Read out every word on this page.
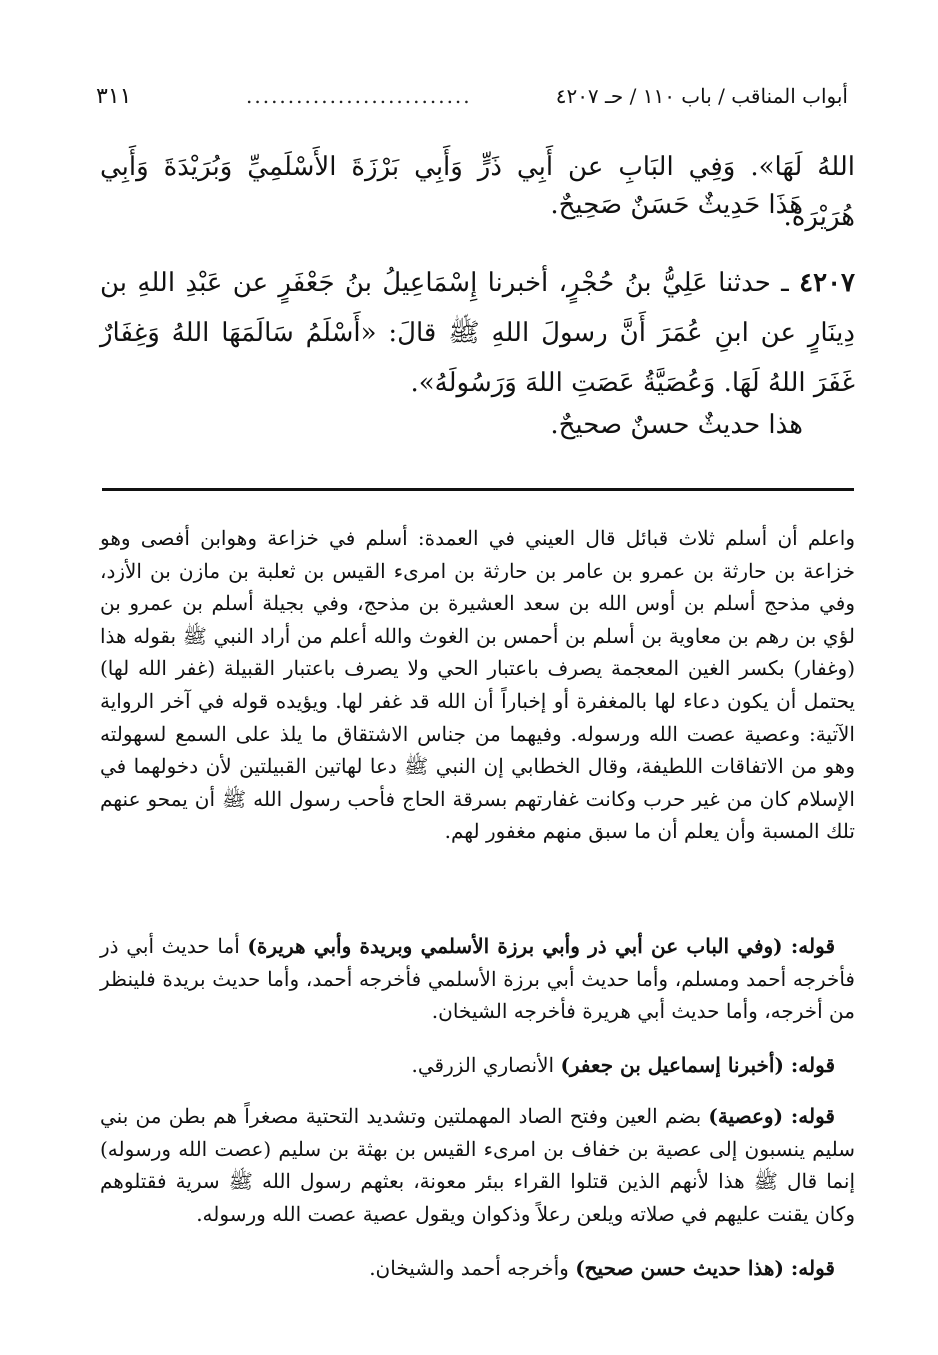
٣١١	...........................	أبواب المناقب / باب ١١٠ / حـ ٤٢٠٧

اللهُ لَهَا». وَفِي البَابِ عن أَبِي ذَرٍّ وَأَبِي بَرْزَةَ الأَسْلَمِيِّ وَبُرَيْدَةَ وَأَبِي هُرَيْرَةَ.

هَذَا حَدِيثٌ حَسَنٌ صَحِيحٌ.

٤٢٠٧ ـ حدثنا عَلِيُّ بنُ حُجْرٍ، أخبرنا إِسْمَاعِيلُ بنُ جَعْفَرٍ عن عَبْدِ اللهِ بن دِينَارٍ عن ابنِ عُمَرَ أَنَّ رسولَ اللهِ ﷺ قالَ: «أَسْلَمُ سَالَمَهَا اللهُ وَغِفَارٌ غَفَرَ اللهُ لَهَا. وَعُصَيَّةُ عَصَتِ اللهَ وَرَسُولَهُ».

هذا حديثٌ حسنٌ صحيحٌ.

واعلم أن أسلم ثلاث قبائل قال العيني في العمدة: أسلم في خزاعة وهوابن أفصى وهو خزاعة بن حارثة بن عمرو بن عامر بن حارثة بن امرىء القيس بن ثعلبة بن مازن بن الأزد، وفي مذحج أسلم بن أوس الله بن سعد العشيرة بن مذحج، وفي بجيلة أسلم بن عمرو بن لؤي بن رهم بن معاوية بن أسلم بن أحمس بن الغوث والله أعلم من أراد النبي ﷺ بقوله هذا (وغفار) بكسر الغين المعجمة يصرف باعتبار الحي ولا يصرف باعتبار القبيلة (غفر الله لها) يحتمل أن يكون دعاء لها بالمغفرة أو إخباراً أن الله قد غفر لها. ويؤيده قوله في آخر الرواية الآتية: وعصية عصت الله ورسوله. وفيهما من جناس الاشتقاق ما يلذ على السمع لسهولته وهو من الاتفاقات اللطيفة، وقال الخطابي إن النبي ﷺ دعا لهاتين القبيلتين لأن دخولهما في الإسلام كان من غير حرب وكانت غفارتهم بسرقة الحاج فأحب رسول الله ﷺ أن يمحو عنهم تلك المسبة وأن يعلم أن ما سبق منهم مغفور لهم.

قوله: (وفي الباب عن أبي ذر وأبي برزة الأسلمي وبريدة وأبي هريرة) أما حديث أبي ذر فأخرجه أحمد ومسلم، وأما حديث أبي برزة الأسلمي فأخرجه أحمد، وأما حديث بريدة فلينظر من أخرجه، وأما حديث أبي هريرة فأخرجه الشيخان.

قوله: (أخبرنا إسماعيل بن جعفر) الأنصاري الزرقي.

قوله: (وعصية) بضم العين وفتح الصاد المهملتين وتشديد التحتية مصغراً هم بطن من بني سليم ينسبون إلى عصية بن خفاف بن امرىء القيس بن بهثة بن سليم (عصت الله ورسوله) إنما قال ﷺ هذا لأنهم الذين قتلوا القراء ببئر معونة، بعثهم رسول الله ﷺ سرية فقتلوهم وكان يقنت عليهم في صلاته ويلعن رعلاً وذكوان ويقول عصية عصت الله ورسوله.

قوله: (هذا حديث حسن صحيح) وأخرجه أحمد والشيخان.
